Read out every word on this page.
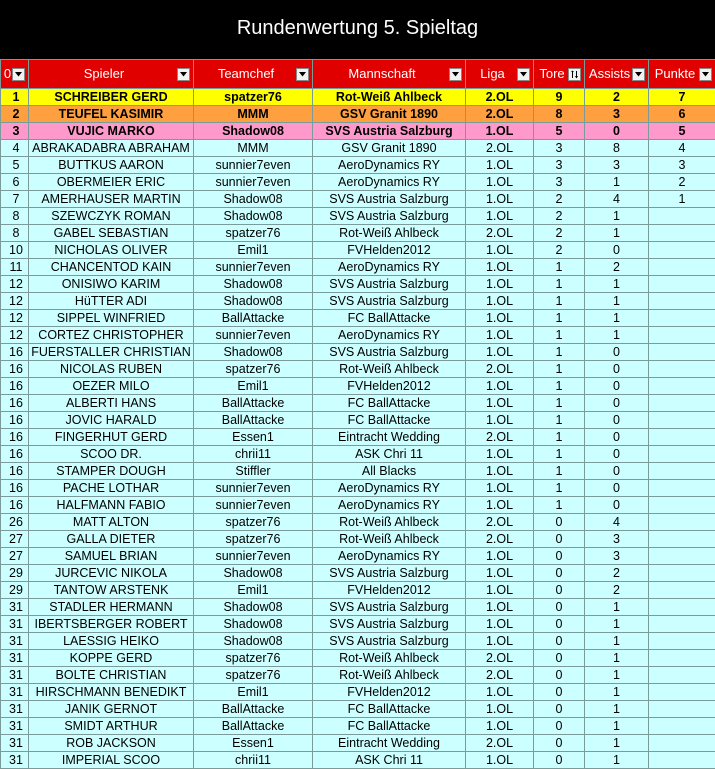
Rundenwertung 5. Spieltag
0	Spieler	Teamchef	Mannschaft	Liga	Tore	Assists	Punkte

1	SCHREIBER GERD	spatzer76	Rot-Weiß Ahlbeck	2.OL	9	2	7
2	TEUFEL KASIMIR	MMM	GSV Granit 1890	2.OL	8	3	6
3	VUJIC MARKO	Shadow08	SVS Austria Salzburg	1.OL	5	0	5
4	ABRAKADABRA ABRAHAM	MMM	GSV Granit 1890	2.OL	3	8	4
5	BUTTKUS AARON	sunnier7even	AeroDynamics RY	1.OL	3	3	3
6	OBERMEIER ERIC	sunnier7even	AeroDynamics RY	1.OL	3	1	2
7	AMERHAUSER MARTIN	Shadow08	SVS Austria Salzburg	1.OL	2	4	1
8	SZEWCZYK ROMAN	Shadow08	SVS Austria Salzburg	1.OL	2	1	
8	GABEL SEBASTIAN	spatzer76	Rot-Weiß Ahlbeck	2.OL	2	1	
10	NICHOLAS OLIVER	Emil1	FVHelden2012	1.OL	2	0	
11	CHANCENTOD KAIN	sunnier7even	AeroDynamics RY	1.OL	1	2	
12	ONISIWO KARIM	Shadow08	SVS Austria Salzburg	1.OL	1	1	
12	HüTTER ADI	Shadow08	SVS Austria Salzburg	1.OL	1	1	
12	SIPPEL WINFRIED	BallAttacke	FC BallAttacke	1.OL	1	1	
12	CORTEZ CHRISTOPHER	sunnier7even	AeroDynamics RY	1.OL	1	1	
16	FUERSTALLER CHRISTIAN	Shadow08	SVS Austria Salzburg	1.OL	1	0	
16	NICOLAS RUBEN	spatzer76	Rot-Weiß Ahlbeck	2.OL	1	0	
16	OEZER MILO	Emil1	FVHelden2012	1.OL	1	0	
16	ALBERTI HANS	BallAttacke	FC BallAttacke	1.OL	1	0	
16	JOVIC HARALD	BallAttacke	FC BallAttacke	1.OL	1	0	
16	FINGERHUT GERD	Essen1	Eintracht Wedding	2.OL	1	0	
16	SCOO DR.	chrii11	ASK Chri 11	1.OL	1	0	
16	STAMPER DOUGH	Stiffler	All Blacks	1.OL	1	0	
16	PACHE LOTHAR	sunnier7even	AeroDynamics RY	1.OL	1	0	
16	HALFMANN FABIO	sunnier7even	AeroDynamics RY	1.OL	1	0	
26	MATT ALTON	spatzer76	Rot-Weiß Ahlbeck	2.OL	0	4	
27	GALLA DIETER	spatzer76	Rot-Weiß Ahlbeck	2.OL	0	3	
27	SAMUEL BRIAN	sunnier7even	AeroDynamics RY	1.OL	0	3	
29	JURCEVIC NIKOLA	Shadow08	SVS Austria Salzburg	1.OL	0	2	
29	TANTOW ARSTENK	Emil1	FVHelden2012	1.OL	0	2	
31	STADLER HERMANN	Shadow08	SVS Austria Salzburg	1.OL	0	1	
31	IBERTSBERGER ROBERT	Shadow08	SVS Austria Salzburg	1.OL	0	1	
31	LAESSIG HEIKO	Shadow08	SVS Austria Salzburg	1.OL	0	1	
31	KOPPE GERD	spatzer76	Rot-Weiß Ahlbeck	2.OL	0	1	
31	BOLTE CHRISTIAN	spatzer76	Rot-Weiß Ahlbeck	2.OL	0	1	
31	HIRSCHMANN BENEDIKT	Emil1	FVHelden2012	1.OL	0	1	
31	JANIK GERNOT	BallAttacke	FC BallAttacke	1.OL	0	1	
31	SMIDT ARTHUR	BallAttacke	FC BallAttacke	1.OL	0	1	
31	ROB JACKSON	Essen1	Eintracht Wedding	2.OL	0	1	
31	IMPERIAL SCOO	chrii11	ASK Chri 11	1.OL	0	1	
